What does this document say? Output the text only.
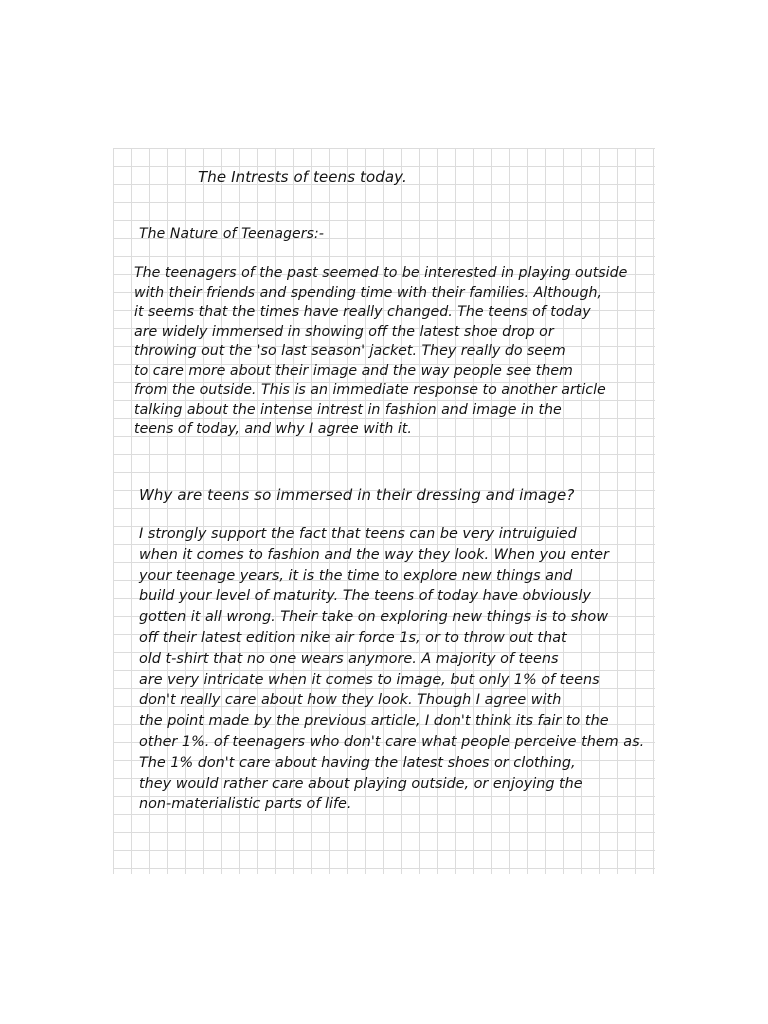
The Intrests of teens today.
The Nature of Teenagers:-
The teenagers of the past seemed to be interested in playing outside
with their friends and spending time with their families. Although,
it seems that the times have really changed. The teens of today
are widely immersed in showing off the latest shoe drop or
throwing out the 'so last season' jacket. They really do seem
to care more about their image and the way people see them
from the outside. This is an immediate response to another article
talking about the intense intrest in fashion and image in the
teens of today, and why I agree with it.
Why are teens so immersed in their dressing and image?
I strongly support the fact that teens can be very intruiguied
when it comes to fashion and the way they look. When you enter
your teenage years, it is the time to explore new things and
build your level of maturity. The teens of today have obviously
gotten it all wrong. Their take on exploring new things is to show
off their latest edition nike air force 1s, or to throw out that
old t-shirt that no one wears anymore. A majority of teens
are very intricate when it comes to image, but only 1% of teens
don't really care about how they look. Though I agree with
the point made by the previous article, I don't think its fair to the
other 1%. of teenagers who don't care what people perceive them as.
The 1% don't care about having the latest shoes or clothing,
they would rather care about playing outside, or enjoying the
non-materialistic parts of life.
